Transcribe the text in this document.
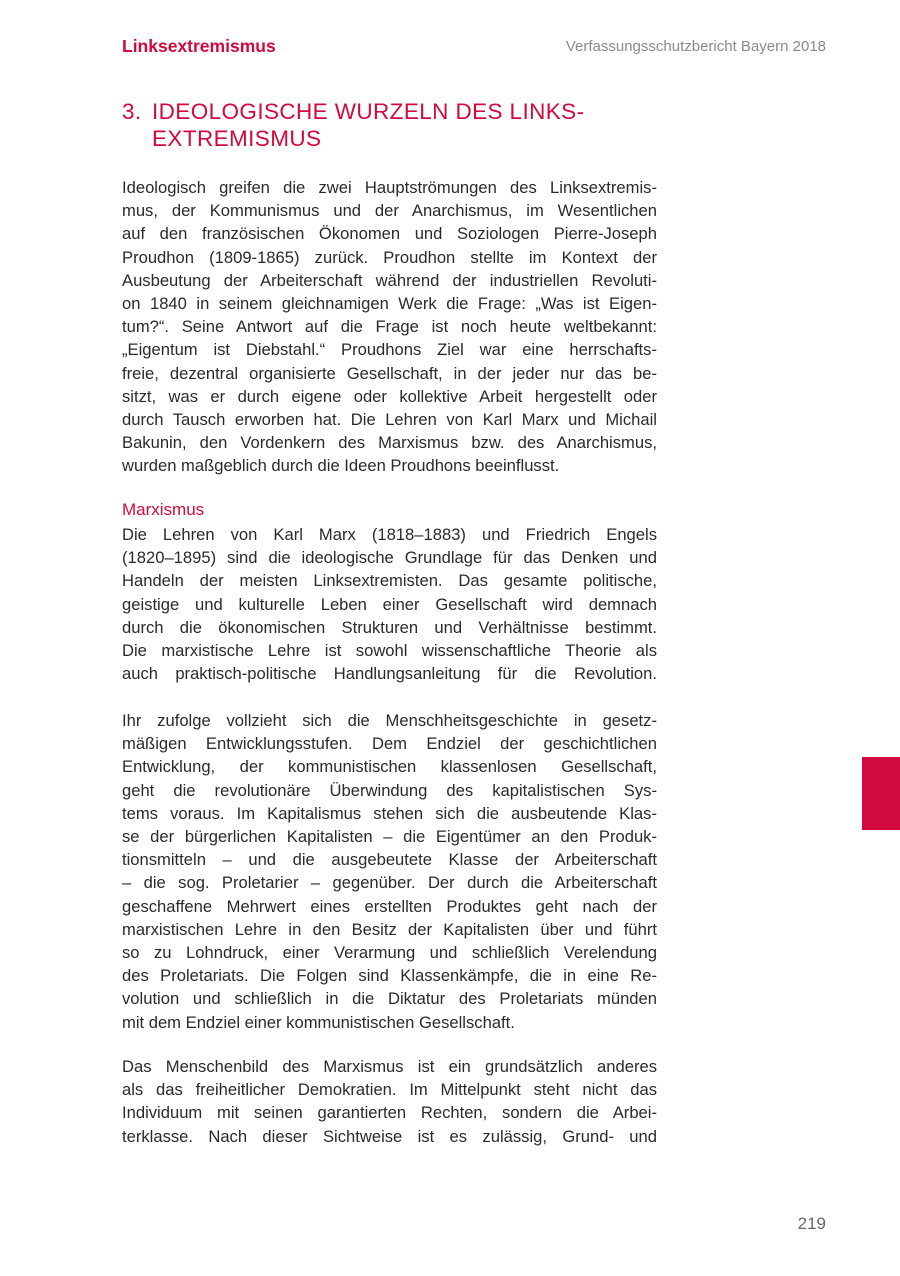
Linksextremismus	Verfassungsschutzbericht Bayern 2018
3. IDEOLOGISCHE WURZELN DES LINKS-
EXTREMISMUS
Ideologisch greifen die zwei Hauptströmungen des Linksextremis-
mus, der Kommunismus und der Anarchismus, im Wesentlichen
auf den französischen Ökonomen und Soziologen Pierre-Joseph
Proudhon (1809-1865) zurück. Proudhon stellte im Kontext der
Ausbeutung der Arbeiterschaft während der industriellen Revoluti-
on 1840 in seinem gleichnamigen Werk die Frage: „Was ist Eigen-
tum?“. Seine Antwort auf die Frage ist noch heute weltbekannt:
„Eigentum ist Diebstahl.“ Proudhons Ziel war eine herrschafts-
freie, dezentral organisierte Gesellschaft, in der jeder nur das be-
sitzt, was er durch eigene oder kollektive Arbeit hergestellt oder
durch Tausch erworben hat. Die Lehren von Karl Marx und Michail
Bakunin, den Vordenkern des Marxismus bzw. des Anarchismus,
wurden maßgeblich durch die Ideen Proudhons beeinflusst.
Marxismus
Die Lehren von Karl Marx (1818–1883) und Friedrich Engels
(1820–1895) sind die ideologische Grundlage für das Denken und
Handeln der meisten Linksextremisten. Das gesamte politische,
geistige und kulturelle Leben einer Gesellschaft wird demnach
durch die ökonomischen Strukturen und Verhältnisse bestimmt.
Die marxistische Lehre ist sowohl wissenschaftliche Theorie als
auch praktisch-politische Handlungsanleitung für die Revolution.
Ihr zufolge vollzieht sich die Menschheitsgeschichte in gesetz-
mäßigen Entwicklungsstufen. Dem Endziel der geschichtlichen
Entwicklung, der kommunistischen klassenlosen Gesellschaft,
geht die revolutionäre Überwindung des kapitalistischen Sys-
tems voraus. Im Kapitalismus stehen sich die ausbeutende Klas-
se der bürgerlichen Kapitalisten – die Eigentümer an den Produk-
tionsmitteln – und die ausgebeutete Klasse der Arbeiterschaft
– die sog. Proletarier – gegenüber. Der durch die Arbeiterschaft
geschaffene Mehrwert eines erstellten Produktes geht nach der
marxistischen Lehre in den Besitz der Kapitalisten über und führt
so zu Lohndruck, einer Verarmung und schließlich Verelendung
des Proletariats. Die Folgen sind Klassenkämpfe, die in eine Re-
volution und schließlich in die Diktatur des Proletariats münden
mit dem Endziel einer kommunistischen Gesellschaft.
Das Menschenbild des Marxismus ist ein grundsätzlich anderes
als das freiheitlicher Demokratien. Im Mittelpunkt steht nicht das
Individuum mit seinen garantierten Rechten, sondern die Arbei-
terklasse. Nach dieser Sichtweise ist es zulässig, Grund- und
219
